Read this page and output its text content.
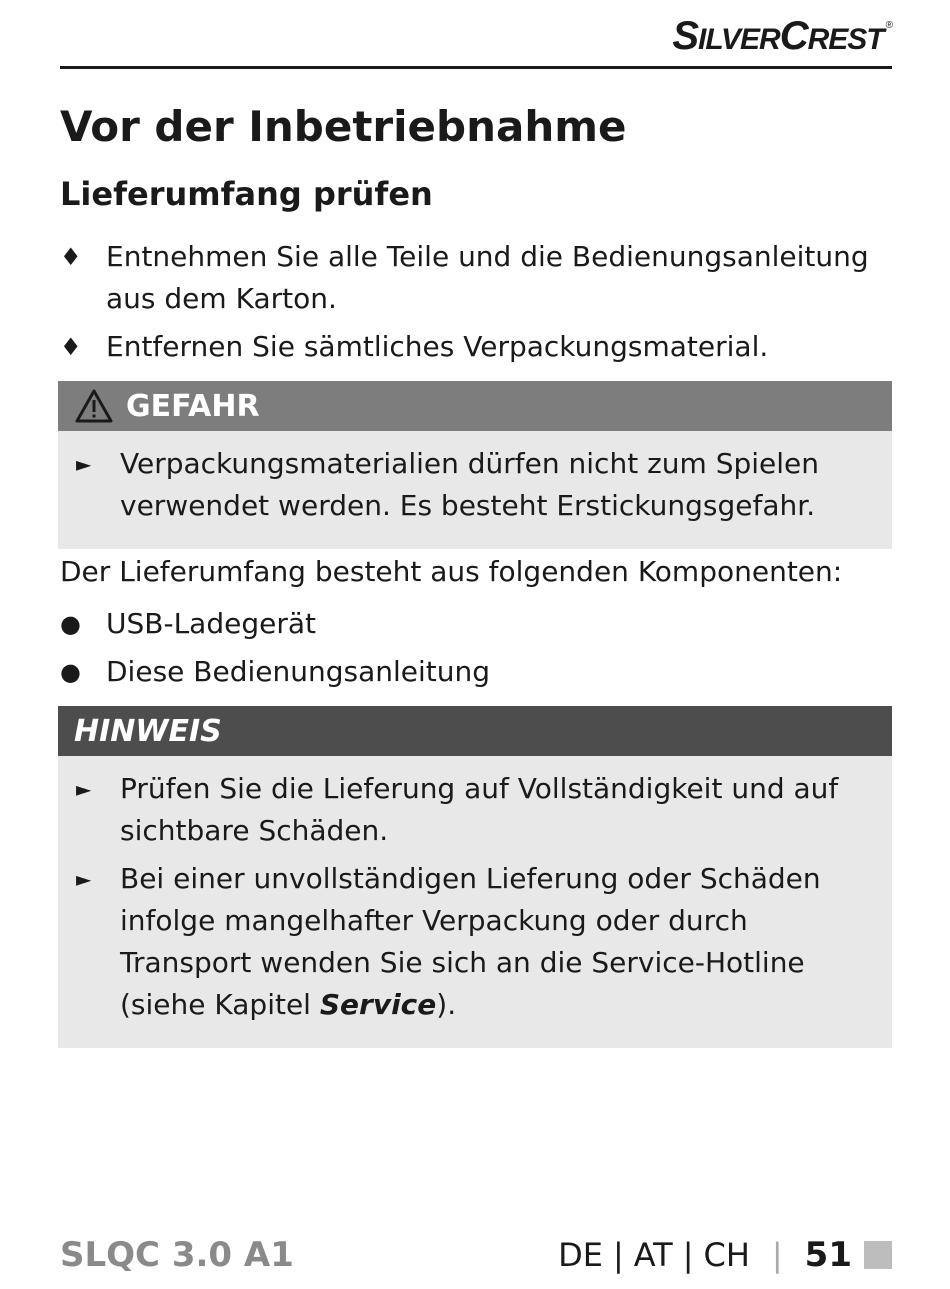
SILVERCREST ®
Vor der Inbetriebnahme
Lieferumfang prüfen
♦ Entnehmen Sie alle Teile und die Bedienungsanleitung aus dem Karton.
♦ Entfernen Sie sämtliches Verpackungsmaterial.
GEFAHR
► Verpackungsmaterialien dürfen nicht zum Spielen verwendet werden. Es besteht Erstickungsgefahr.

Der Lieferumfang besteht aus folgenden Komponenten:

● USB-Ladegerät
● Diese Bedienungsanleitung
HINWEIS
► Prüfen Sie die Lieferung auf Vollständigkeit und auf sichtbare Schäden.
► Bei einer unvollständigen Lieferung oder Schäden infolge mangelhafter Verpackung oder durch Transport wenden Sie sich an die Service-Hotline (siehe Kapitel Service).
SLQC 3.0 A1	DE | AT | CH | 51
